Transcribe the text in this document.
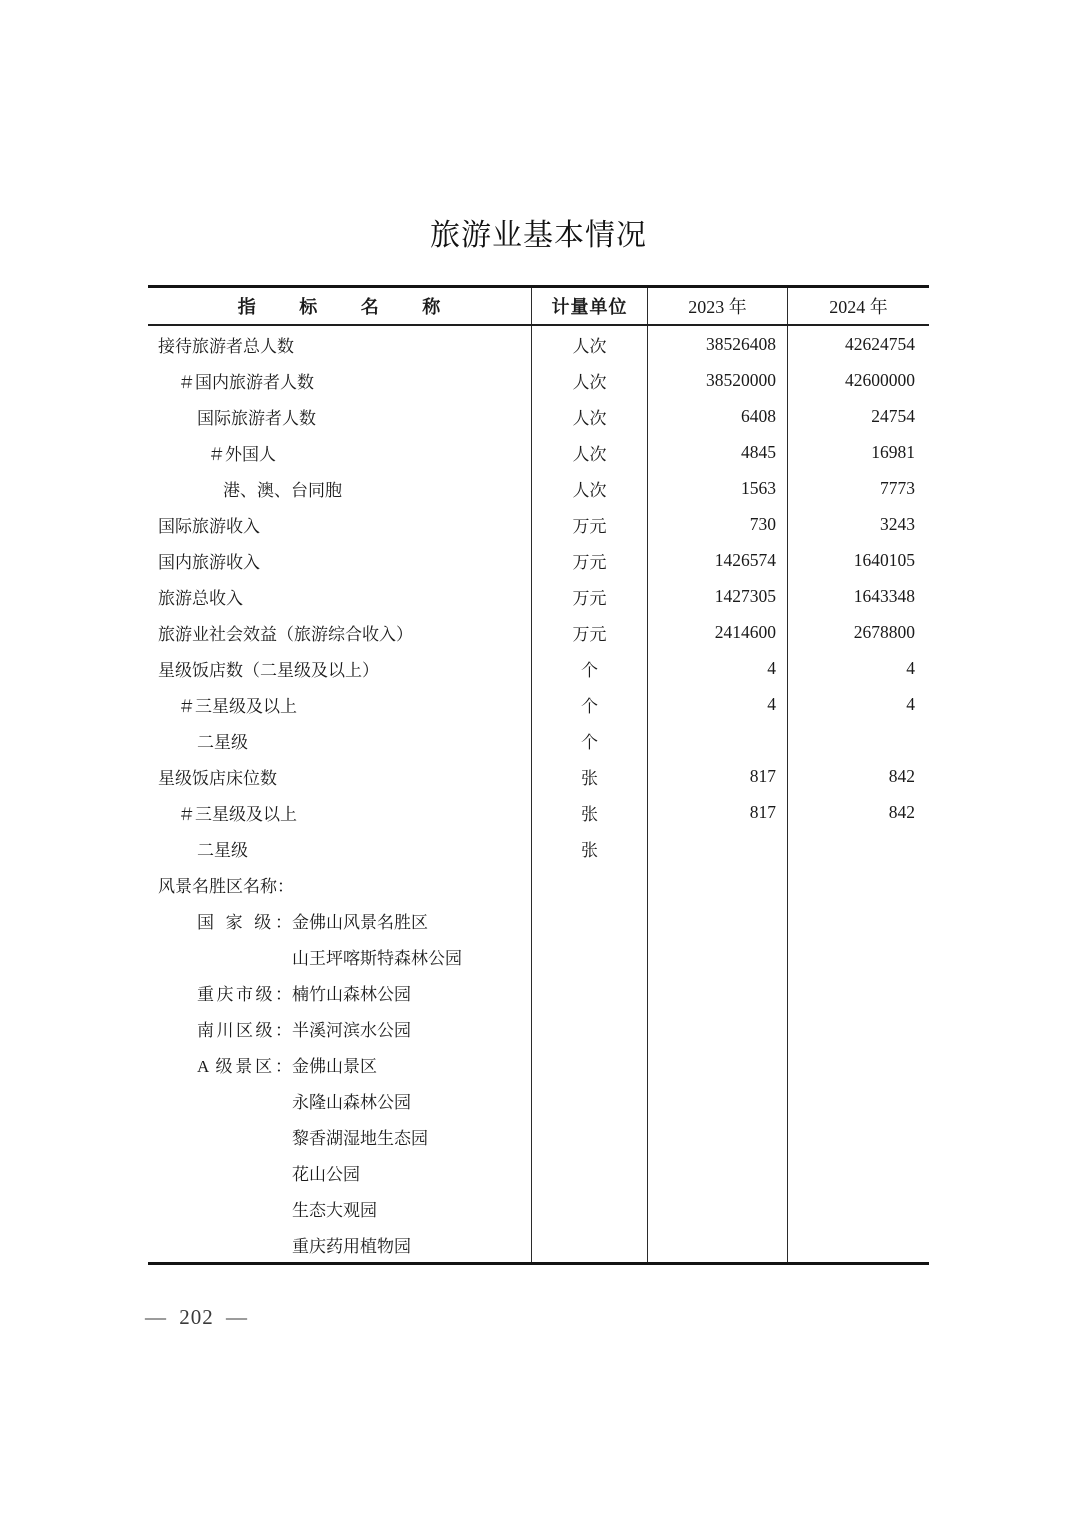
旅游业基本情况
指 标 名 称	计量单位	2023 年	2024 年
接待旅游者总人数	人次	38526408	42624754
＃国内旅游者人数	人次	38520000	42600000
国际旅游者人数	人次	6408	24754
＃外国人	人次	4845	16981
港、澳、台同胞	人次	1563	7773
国际旅游收入	万元	730	3243
国内旅游收入	万元	1426574	1640105
旅游总收入	万元	1427305	1643348
旅游业社会效益（旅游综合收入）	万元	2414600	2678800
星级饭店数（二星级及以上）	个	4	4
＃三星级及以上	个	4	4
二星级	个
星级饭店床位数	张	817	842
＃三星级及以上	张	817	842
二星级	张
风景名胜区名称：
国 家 级： 金佛山风景名胜区
山王坪喀斯特森林公园
重庆市级： 楠竹山森林公园
南川区级： 半溪河滨水公园
A 级景区： 金佛山景区
永隆山森林公园
黎香湖湿地生态园
花山公园
生态大观园
重庆药用植物园
— 202 —
